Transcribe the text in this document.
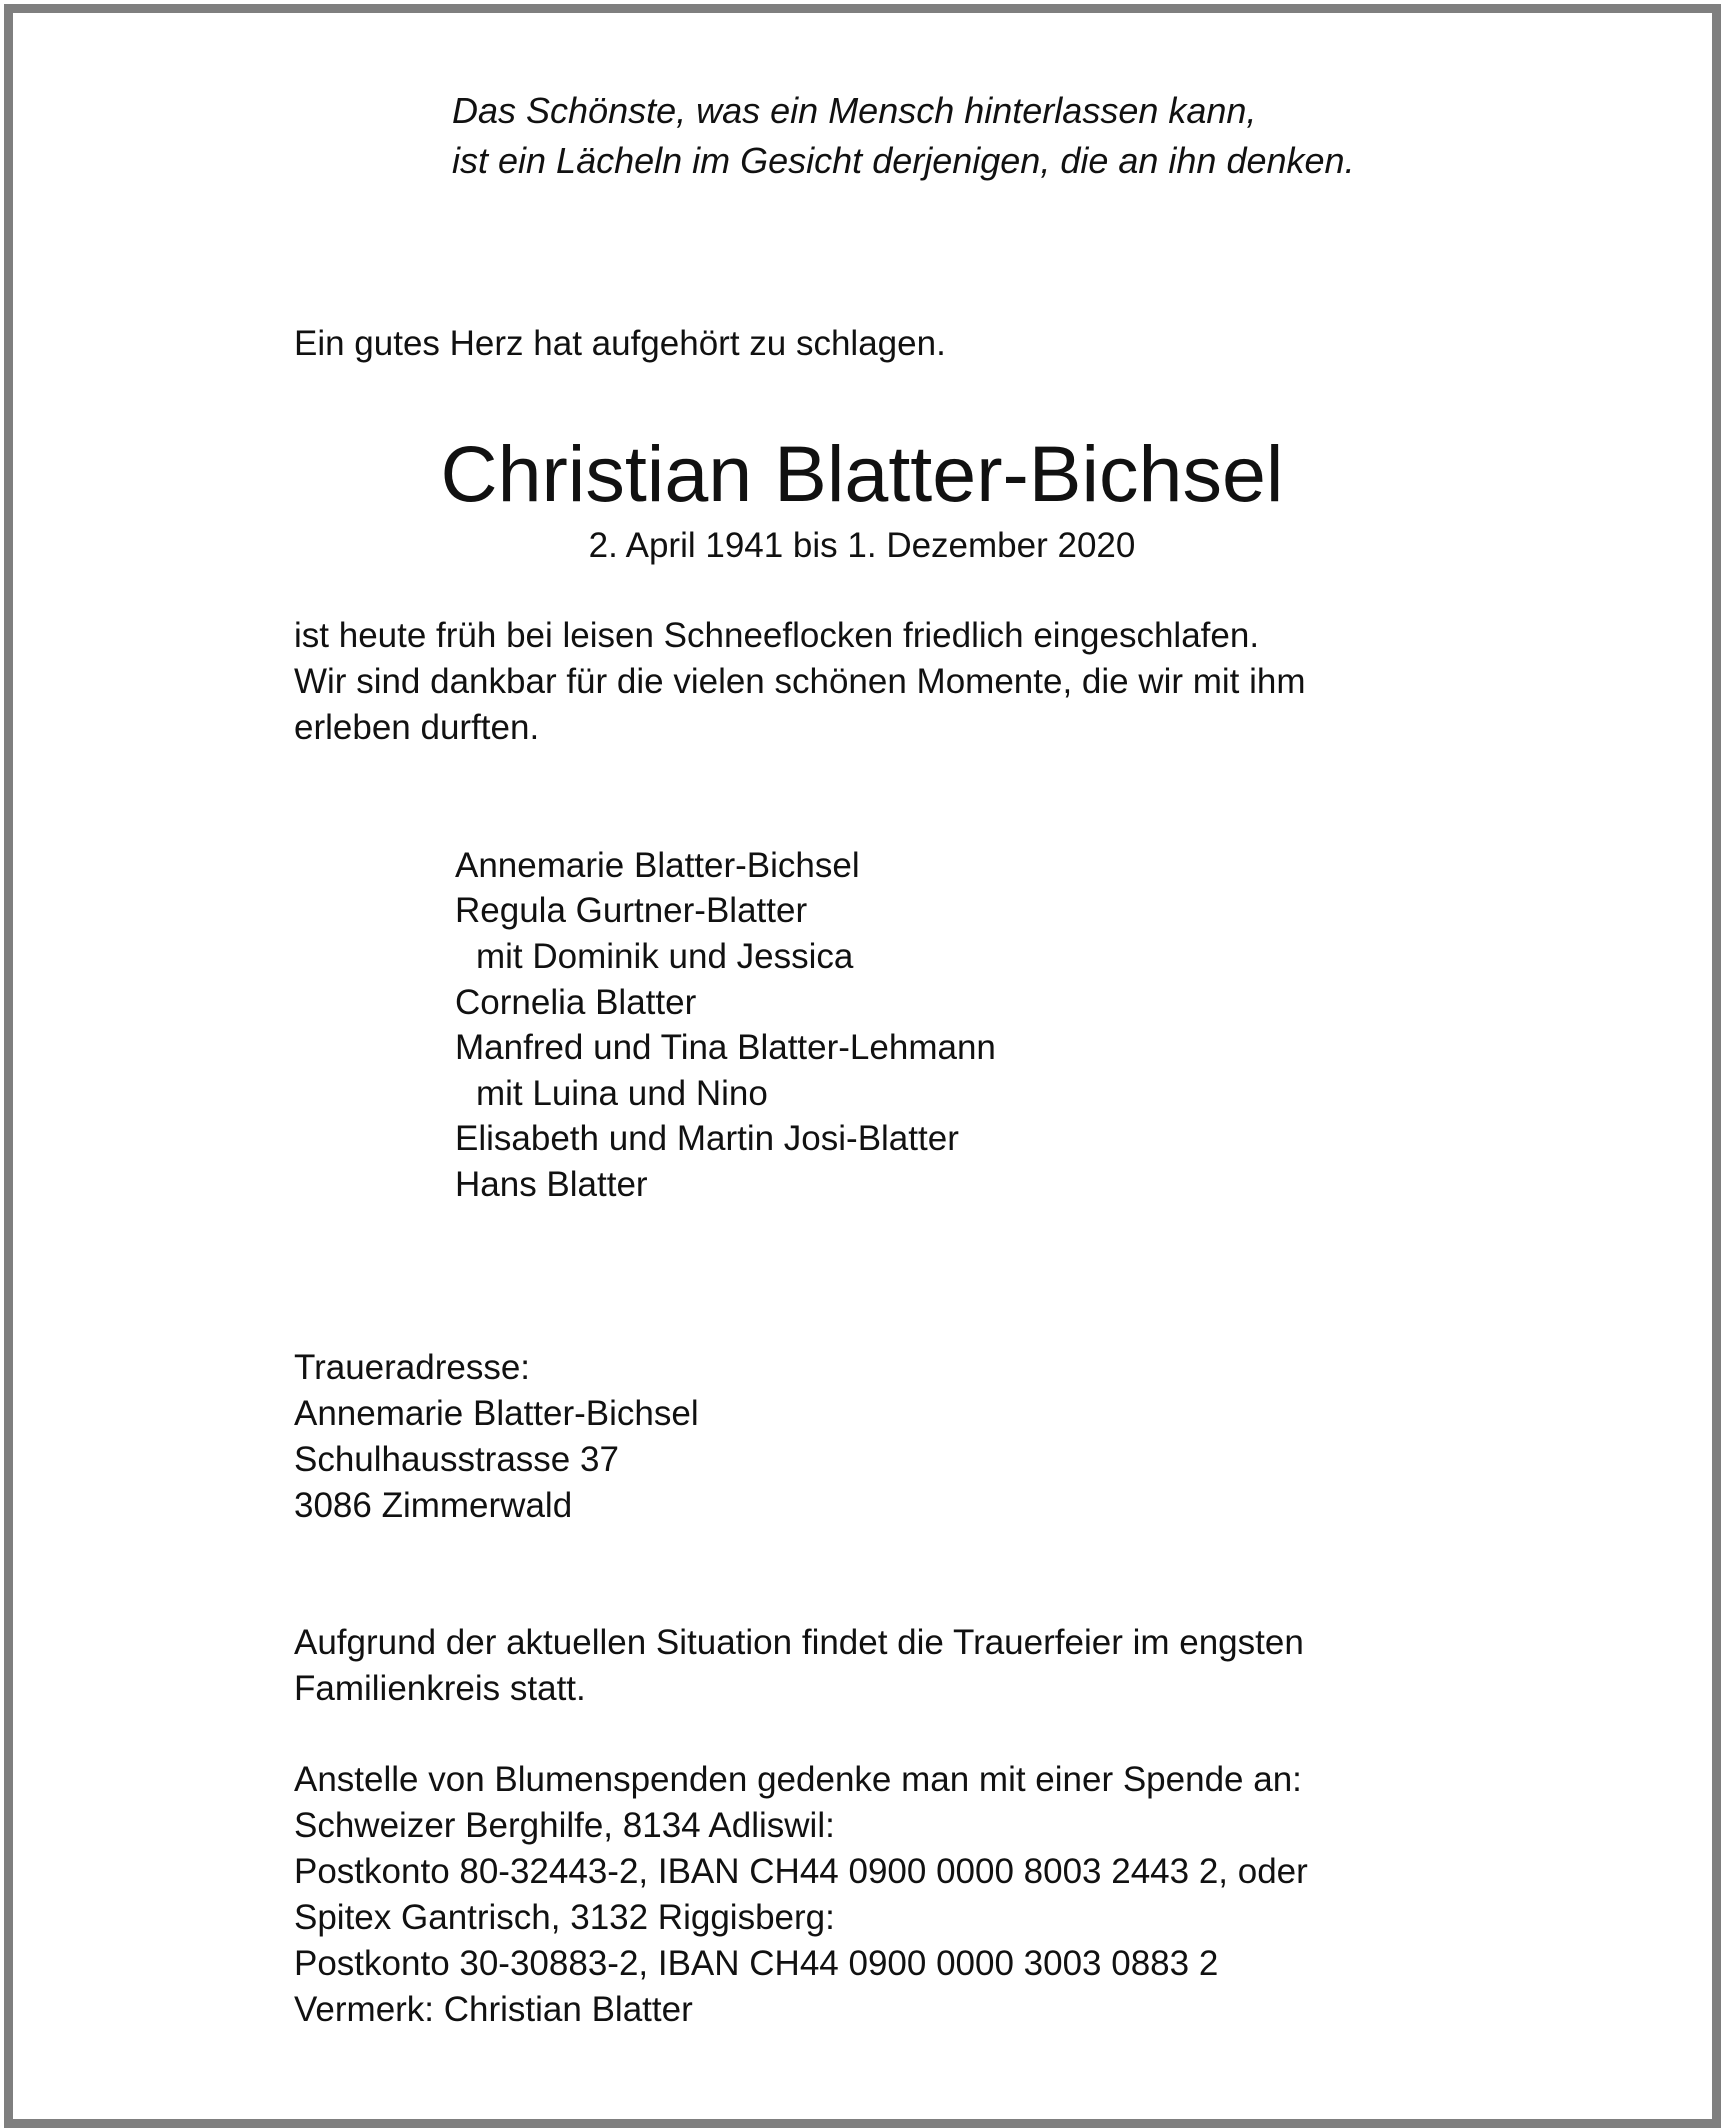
Das Schönste, was ein Mensch hinterlassen kann,

ist ein Lächeln im Gesicht derjenigen, die an ihn denken.

Ein gutes Herz hat aufgehört zu schlagen.

Christian Blatter-Bichsel

2. April 1941 bis 1. Dezember 2020

ist heute früh bei leisen Schneeflocken friedlich eingeschlafen.

Wir sind dankbar für die vielen schönen Momente, die wir mit ihm

erleben durften.

Annemarie Blatter-Bichsel

Regula Gurtner-Blatter

mit Dominik und Jessica

Cornelia Blatter

Manfred und Tina Blatter-Lehmann

mit Luina und Nino

Elisabeth und Martin Josi-Blatter

Hans Blatter

Traueradresse:

Annemarie Blatter-Bichsel

Schulhausstrasse 37

3086 Zimmerwald

Aufgrund der aktuellen Situation findet die Trauerfeier im engsten

Familienkreis statt.

Anstelle von Blumenspenden gedenke man mit einer Spende an:

Schweizer Berghilfe, 8134 Adliswil:

Postkonto 80-32443-2, IBAN CH44 0900 0000 8003 2443 2, oder

Spitex Gantrisch, 3132 Riggisberg:

Postkonto 30-30883-2, IBAN CH44 0900 0000 3003 0883 2

Vermerk: Christian Blatter
